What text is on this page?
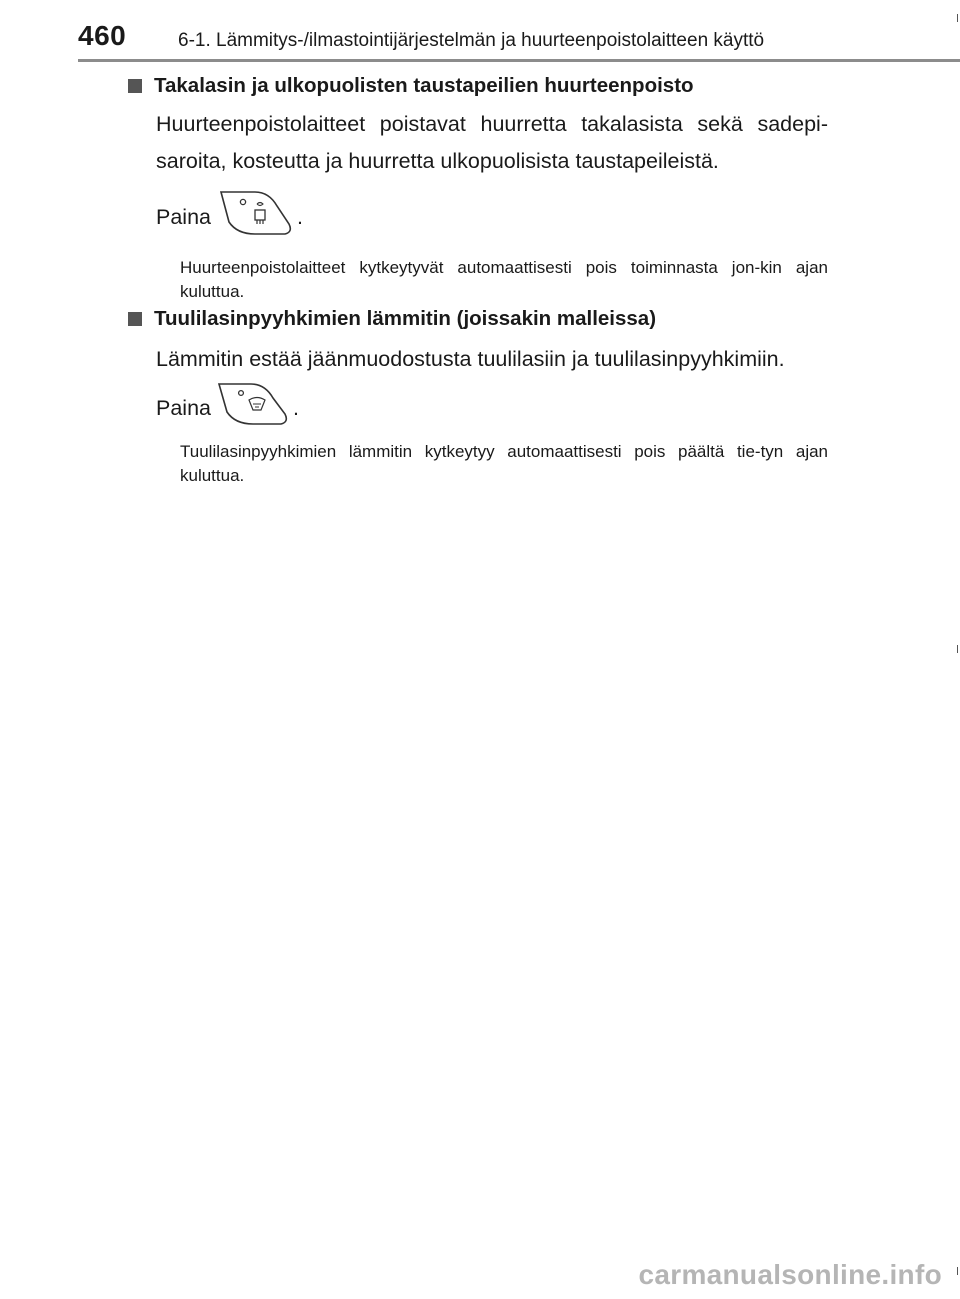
460	6-1. Lämmitys-/ilmastointijärjestelmän ja huurteenpoistolaitteen käyttö
Takalasin ja ulkopuolisten taustapeilien huurteenpoisto
Huurteenpoistolaitteet poistavat huurretta takalasista sekä sadepi-saroita, kosteutta ja huurretta ulkopuolisista taustapeileistä.
Paina	.
Huurteenpoistolaitteet kytkeytyvät automaattisesti pois toiminnasta jon-kin ajan kuluttua.
Tuulilasinpyyhkimien lämmitin (joissakin malleissa)
Lämmitin estää jäänmuodostusta tuulilasiin ja tuulilasinpyyhkimiin.
Paina	.
Tuulilasinpyyhkimien lämmitin kytkeytyy automaattisesti pois päältä tie-tyn ajan kuluttua.
carmanualsonline.info
